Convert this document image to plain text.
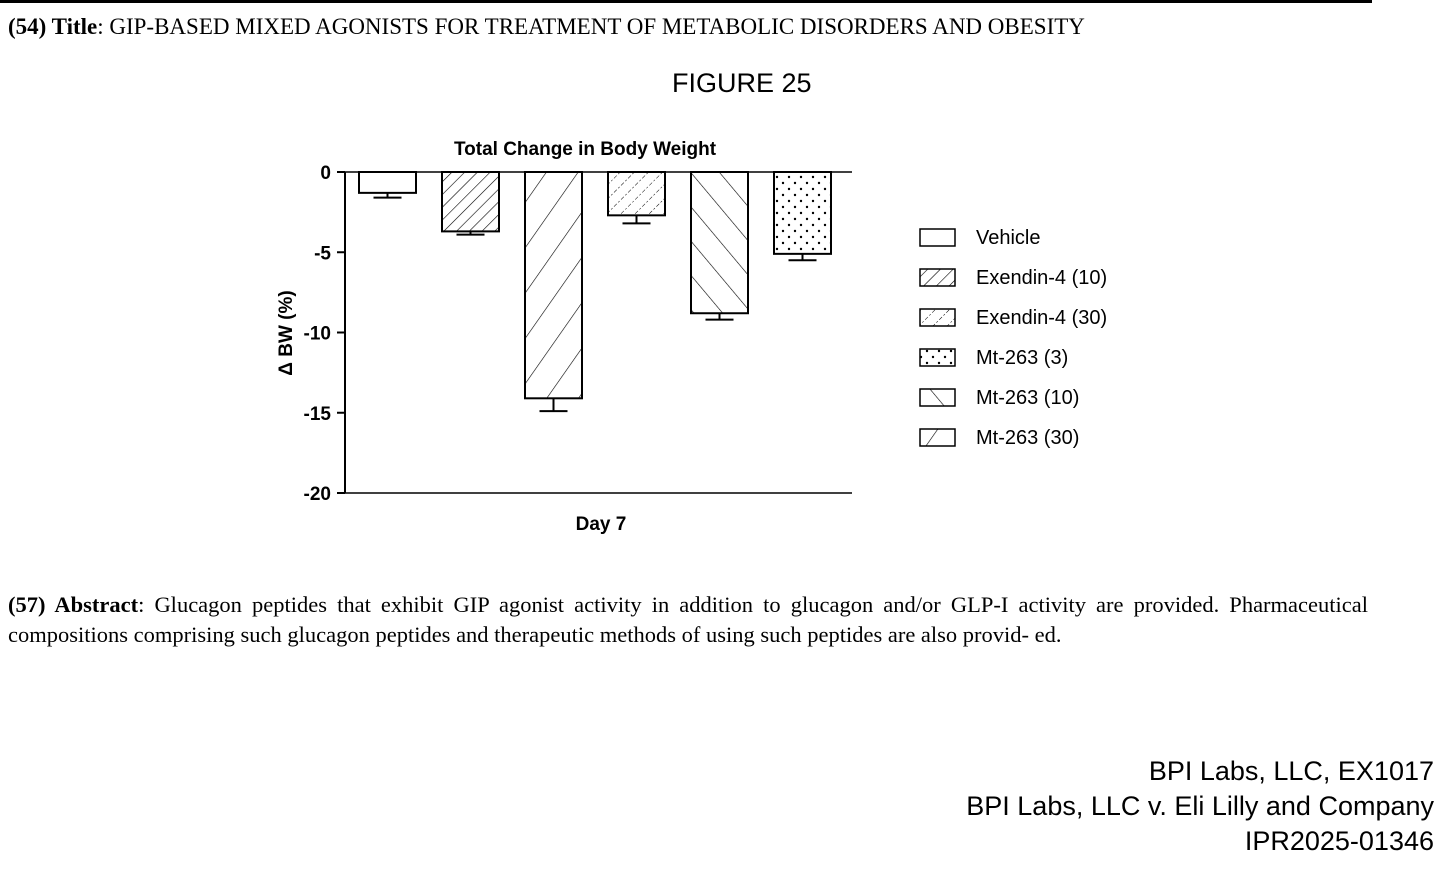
(54) Title: GIP-BASED MIXED AGONISTS FOR TREATMENT OF METABOLIC DISORDERS AND OBESITY
FIGURE 25
Total Change in Body Weight
Δ BW (%)
Day 7
0
-5
-10
-15
-20
Vehicle
Exendin-4 (10)
Exendin-4 (30)
Mt-263 (3)
Mt-263 (10)
Mt-263 (30)
(57) Abstract: Glucagon peptides that exhibit GIP agonist activity in addition to glucagon and/or GLP-I activity are provided. Pharmaceutical compositions comprising such glucagon peptides and therapeutic methods of using such peptides are also provid- ed.
BPI Labs, LLC, EX1017
BPI Labs, LLC v. Eli Lilly and Company
IPR2025-01346
